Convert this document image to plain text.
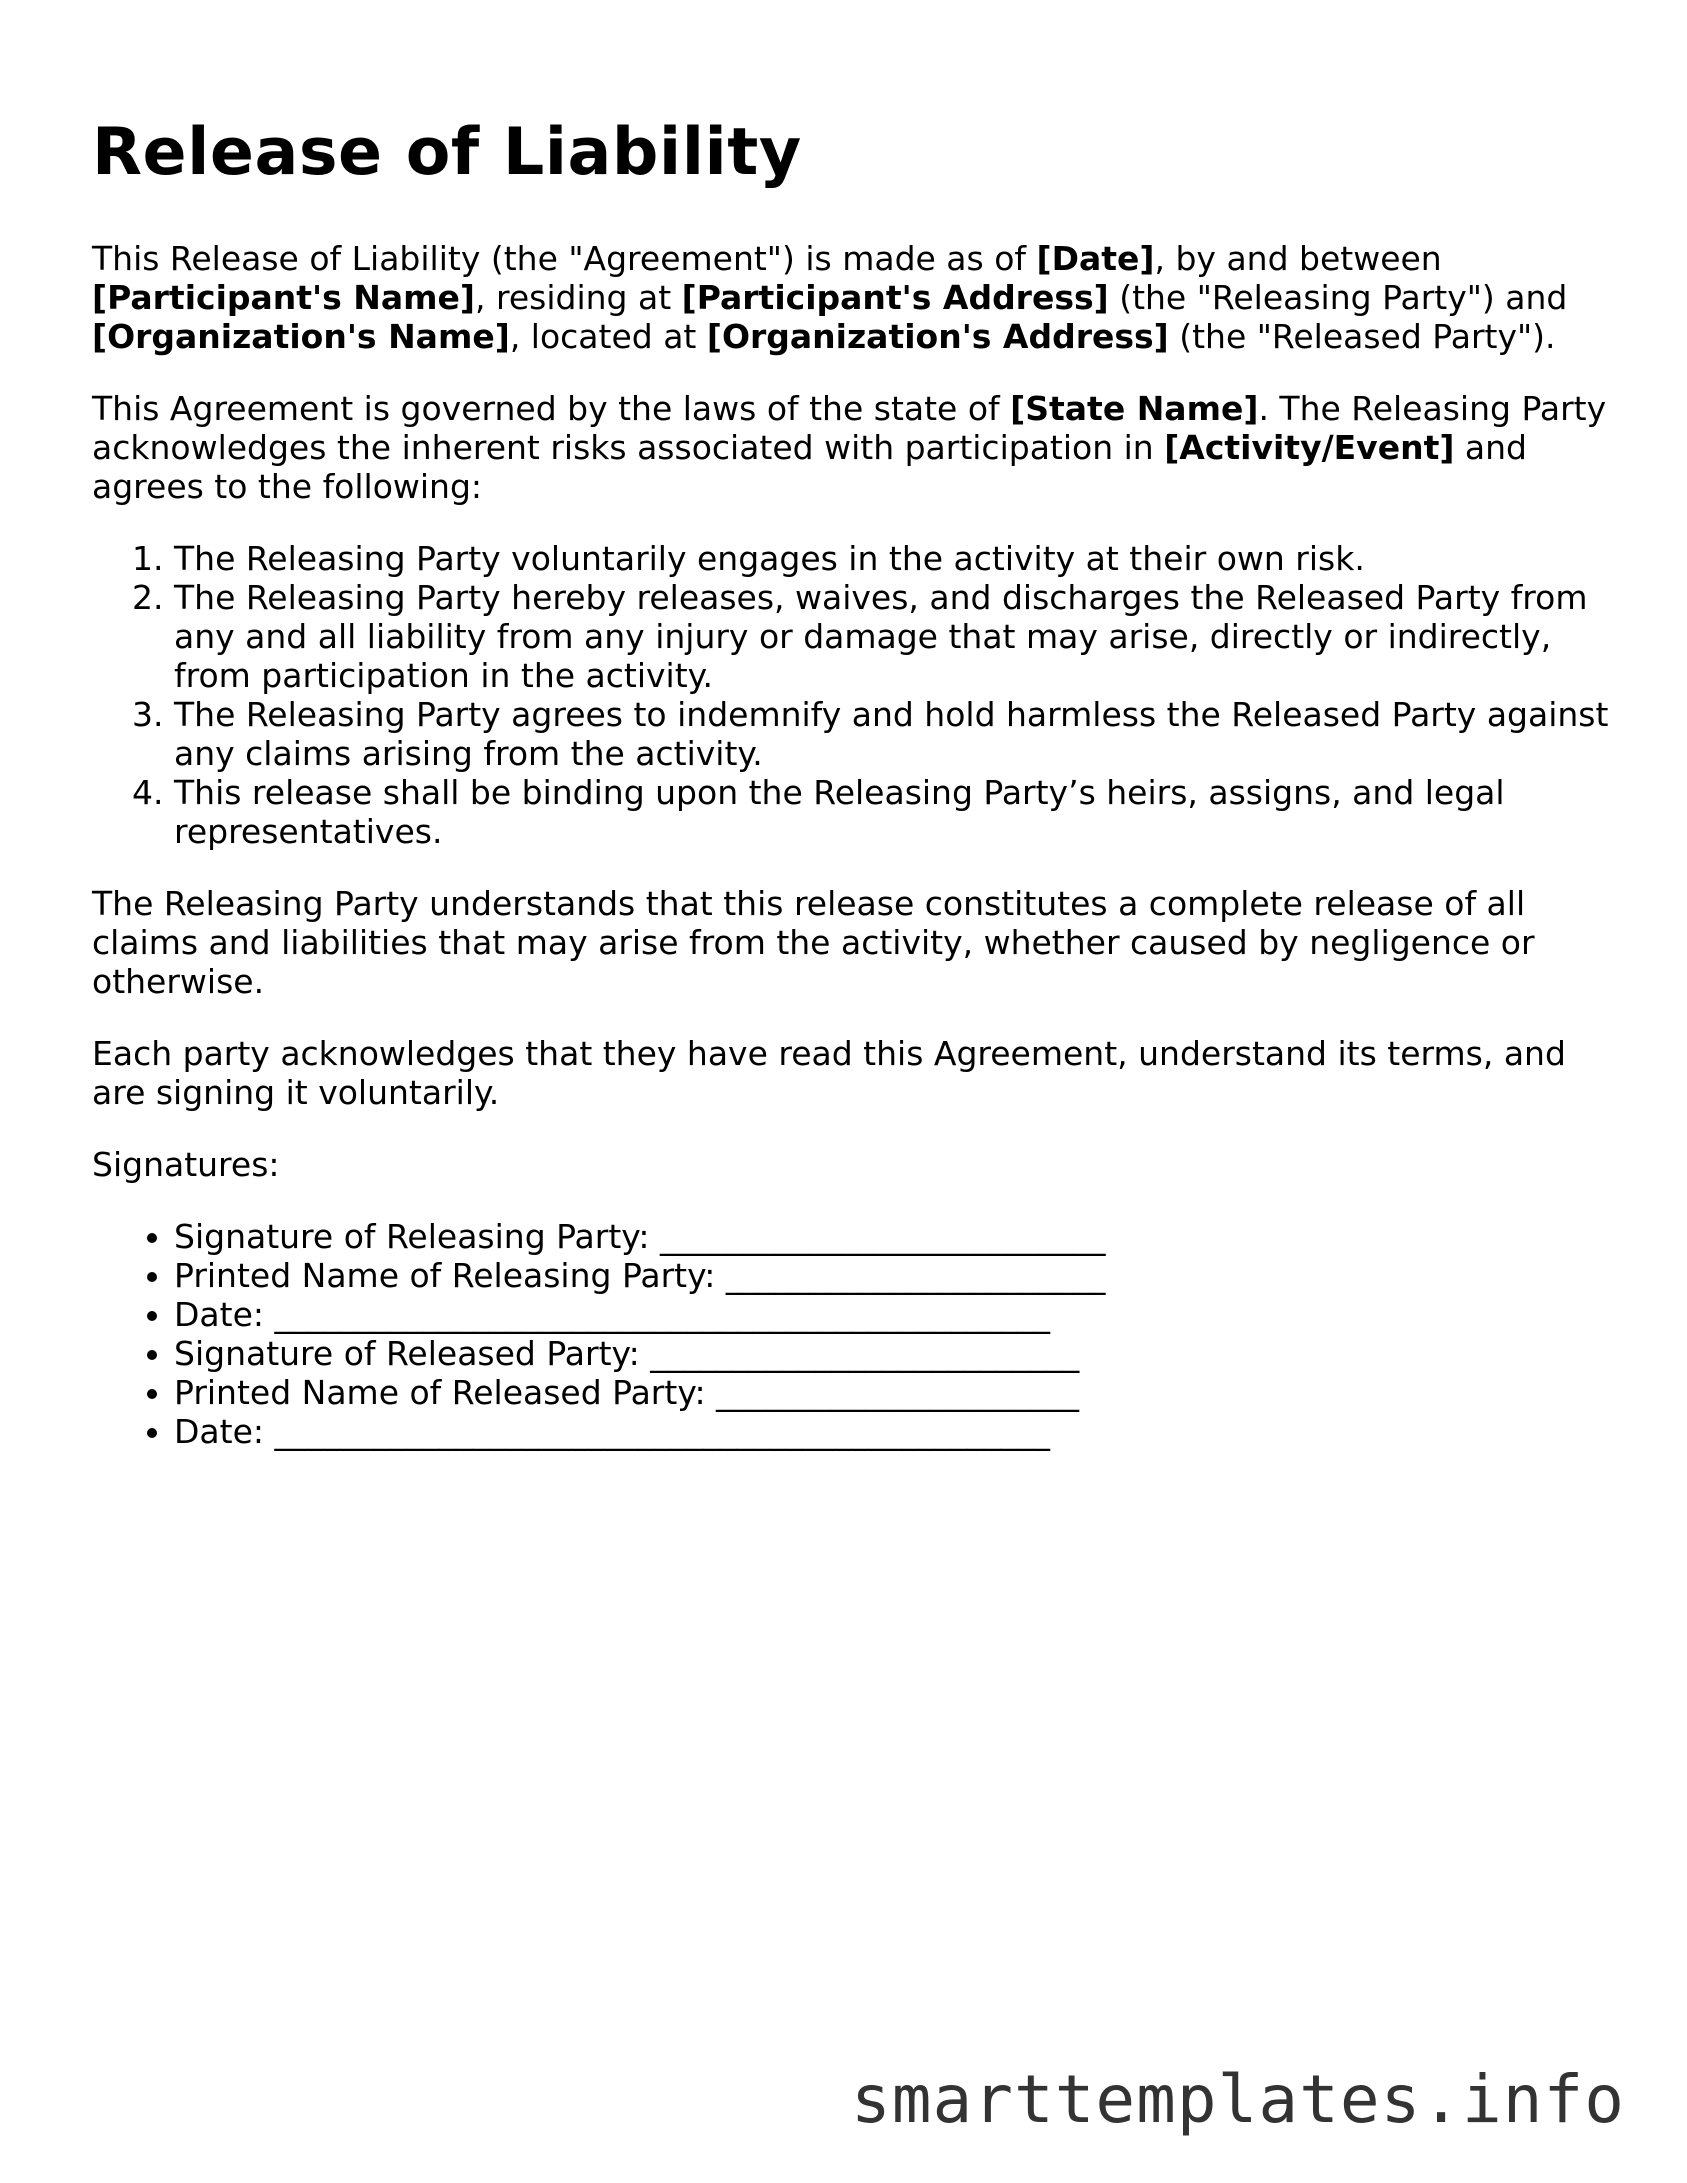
Release of Liability

This Release of Liability (the "Agreement") is made as of [Date], by and between [Participant's Name], residing at [Participant's Address] (the "Releasing Party") and [Organization's Name], located at [Organization's Address] (the "Released Party").

This Agreement is governed by the laws of the state of [State Name]. The Releasing Party acknowledges the inherent risks associated with participation in [Activity/Event] and agrees to the following:

1. The Releasing Party voluntarily engages in the activity at their own risk.
2. The Releasing Party hereby releases, waives, and discharges the Released Party from any and all liability from any injury or damage that may arise, directly or indirectly, from participation in the activity.
3. The Releasing Party agrees to indemnify and hold harmless the Released Party against any claims arising from the activity.
4. This release shall be binding upon the Releasing Party’s heirs, assigns, and legal representatives.

The Releasing Party understands that this release constitutes a complete release of all claims and liabilities that may arise from the activity, whether caused by negligence or otherwise.

Each party acknowledges that they have read this Agreement, understand its terms, and are signing it voluntarily.

Signatures:

• Signature of Releasing Party: ___________________________
• Printed Name of Releasing Party: _______________________
• Date: _______________________________________________
• Signature of Released Party: __________________________
• Printed Name of Released Party: ______________________
• Date: _______________________________________________
smarttemplates.info
